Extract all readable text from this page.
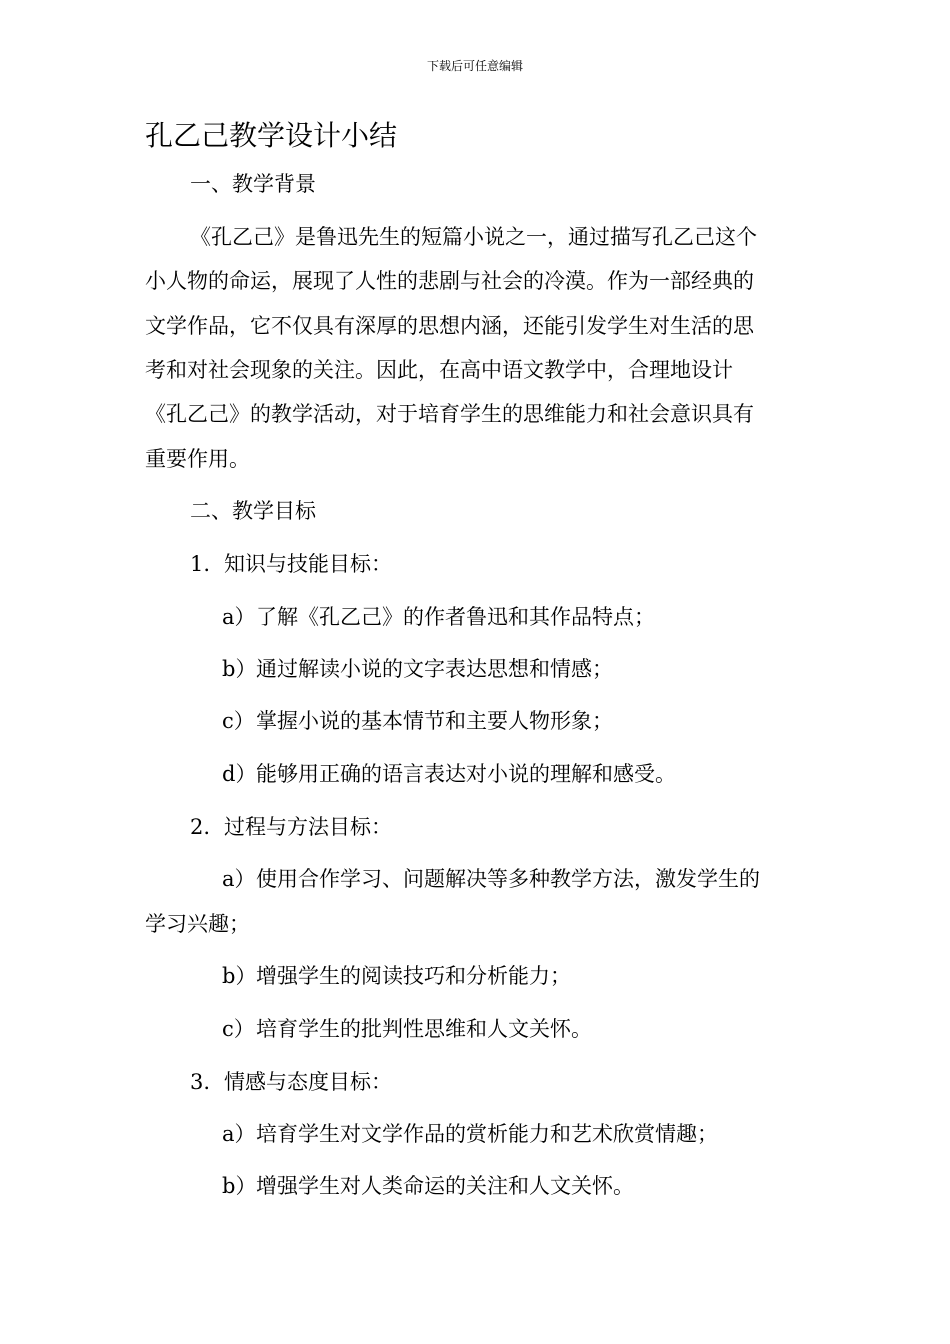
下载后可任意编辑
孔乙己教学设计小结
一、教学背景
《孔乙己》是鲁迅先生的短篇小说之一，通过描写孔乙己这个
小人物的命运，展现了人性的悲剧与社会的冷漠。作为一部经典的
文学作品，它不仅具有深厚的思想内涵，还能引发学生对生活的思
考和对社会现象的关注。因此，在高中语文教学中，合理地设计
《孔乙己》的教学活动，对于培育学生的思维能力和社会意识具有
重要作用。
二、教学目标
1. 知识与技能目标：
a）了解《孔乙己》的作者鲁迅和其作品特点；
b）通过解读小说的文字表达思想和情感；
c）掌握小说的基本情节和主要人物形象；
d）能够用正确的语言表达对小说的理解和感受。
2. 过程与方法目标：
a）使用合作学习、问题解决等多种教学方法，激发学生的
学习兴趣；
b）增强学生的阅读技巧和分析能力；
c）培育学生的批判性思维和人文关怀。
3. 情感与态度目标：
a）培育学生对文学作品的赏析能力和艺术欣赏情趣；
b）增强学生对人类命运的关注和人文关怀。
